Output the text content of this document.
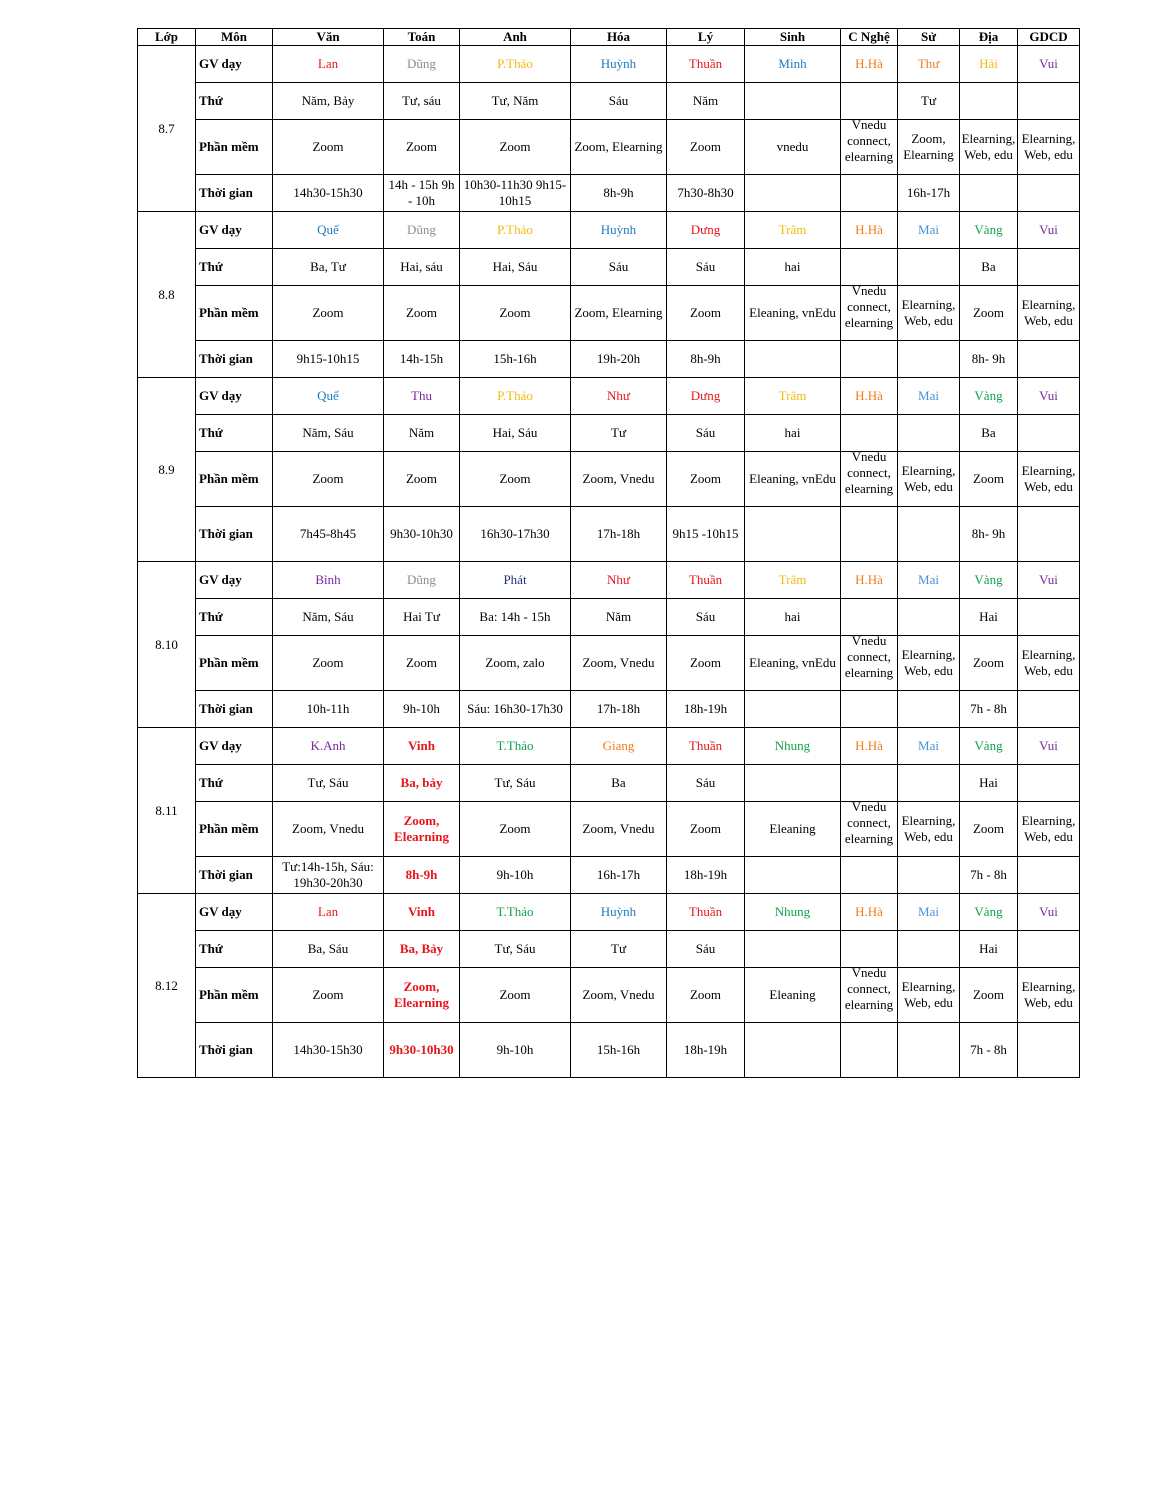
Lớp	Môn	Văn	Toán	Anh	Hóa	Lý	Sinh	C Nghệ	Sử	Địa	GDCD
8.7	GV dạy	Lan	Dũng	P.Thảo	Huỳnh	Thuần	Minh	H.Hà	Thư	Hải	Vui
	Thứ	Năm, Bảy	Tư, sáu	Tư, Năm	Sáu	Năm			Tư		
	Phần mềm	Zoom	Zoom	Zoom	Zoom, Elearning	Zoom	vnedu	Vnedu connect, elearning	Zoom, Elearning	Elearning, Web, edu	Elearning, Web, edu
	Thời gian	14h30-15h30	14h - 15h 9h - 10h	10h30-11h30 9h15-10h15	8h-9h	7h30-8h30			16h-17h		
8.8	GV dạy	Quế	Dũng	P.Thảo	Huỳnh	Dưng	Trâm	H.Hà	Mai	Vàng	Vui
	Thứ	Ba, Tư	Hai, sáu	Hai, Sáu	Sáu	Sáu	hai			Ba	
	Phần mềm	Zoom	Zoom	Zoom	Zoom, Elearning	Zoom	Eleaning, vnEdu	Vnedu connect, elearning	Elearning, Web, edu	Zoom	Elearning, Web, edu
	Thời gian	9h15-10h15	14h-15h	15h-16h	19h-20h	8h-9h				8h- 9h	
8.9	GV dạy	Quế	Thu	P.Thảo	Như	Dưng	Trâm	H.Hà	Mai	Vàng	Vui
	Thứ	Năm, Sáu	Năm	Hai, Sáu	Tư	Sáu	hai			Ba	
	Phần mềm	Zoom	Zoom	Zoom	Zoom, Vnedu	Zoom	Eleaning, vnEdu	Vnedu connect, elearning	Elearning, Web, edu	Zoom	Elearning, Web, edu
	Thời gian	7h45-8h45	9h30-10h30	16h30-17h30	17h-18h	9h15 -10h15				8h- 9h	
8.10	GV dạy	Bình	Dũng	Phát	Như	Thuần	Trâm	H.Hà	Mai	Vàng	Vui
	Thứ	Năm, Sáu	Hai Tư	Ba: 14h - 15h	Năm	Sáu	hai			Hai	
	Phần mềm	Zoom	Zoom	Zoom, zalo	Zoom, Vnedu	Zoom	Eleaning, vnEdu	Vnedu connect, elearning	Elearning, Web, edu	Zoom	Elearning, Web, edu
	Thời gian	10h-11h	9h-10h	Sáu: 16h30-17h30	17h-18h	18h-19h				7h - 8h	
8.11	GV dạy	K.Anh	Vinh	T.Thảo	Giang	Thuần	Nhung	H.Hà	Mai	Vàng	Vui
	Thứ	Tư, Sáu	Ba, bảy	Tư, Sáu	Ba	Sáu				Hai	
	Phần mềm	Zoom, Vnedu	Zoom, Elearning	Zoom	Zoom, Vnedu	Zoom	Eleaning	Vnedu connect, elearning	Elearning, Web, edu	Zoom	Elearning, Web, edu
	Thời gian	Tư:14h-15h, Sáu: 19h30-20h30	8h-9h	9h-10h	16h-17h	18h-19h				7h - 8h	
8.12	GV dạy	Lan	Vinh	T.Thảo	Huỳnh	Thuần	Nhung	H.Hà	Mai	Vàng	Vui
	Thứ	Ba, Sáu	Ba, Bảy	Tư, Sáu	Tư	Sáu				Hai	
	Phần mềm	Zoom	Zoom, Elearning	Zoom	Zoom, Vnedu	Zoom	Eleaning	Vnedu connect, elearning	Elearning, Web, edu	Zoom	Elearning, Web, edu
	Thời gian	14h30-15h30	9h30-10h30	9h-10h	15h-16h	18h-19h				7h - 8h	
